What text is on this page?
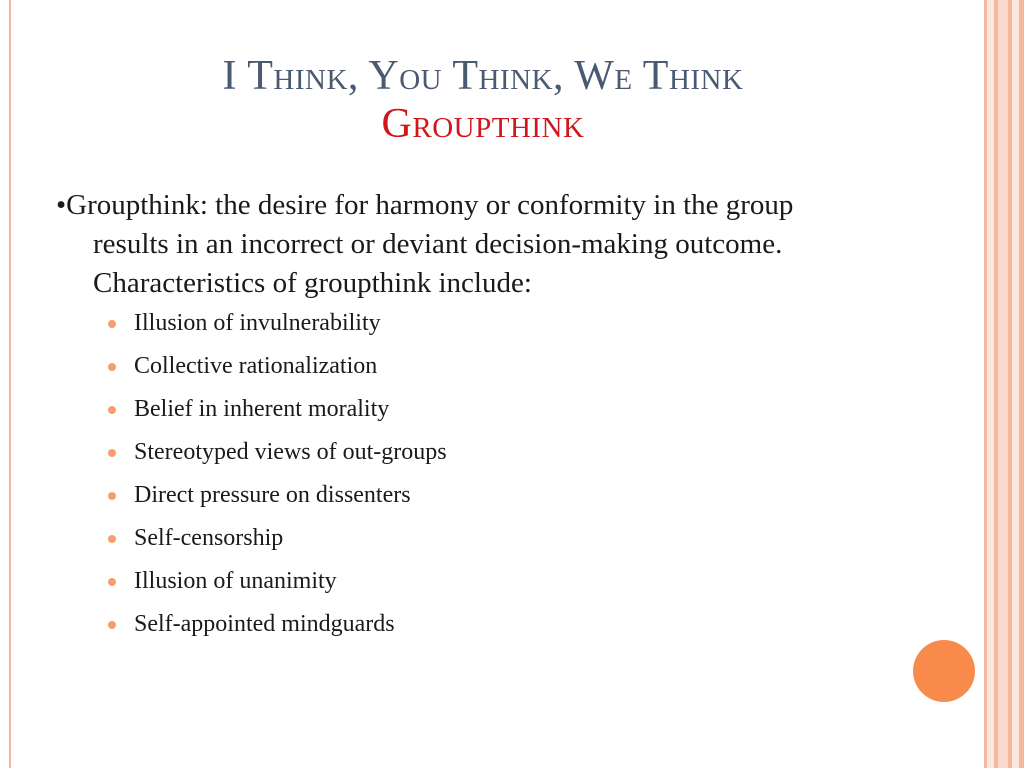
I Think, You Think, We Think
Groupthink

•Groupthink: the desire for harmony or conformity in the group results in an incorrect or deviant decision-making outcome. Characteristics of groupthink include:

Illusion of invulnerability
Collective rationalization
Belief in inherent morality
Stereotyped views of out-groups
Direct pressure on dissenters
Self-censorship
Illusion of unanimity
Self-appointed mindguards
